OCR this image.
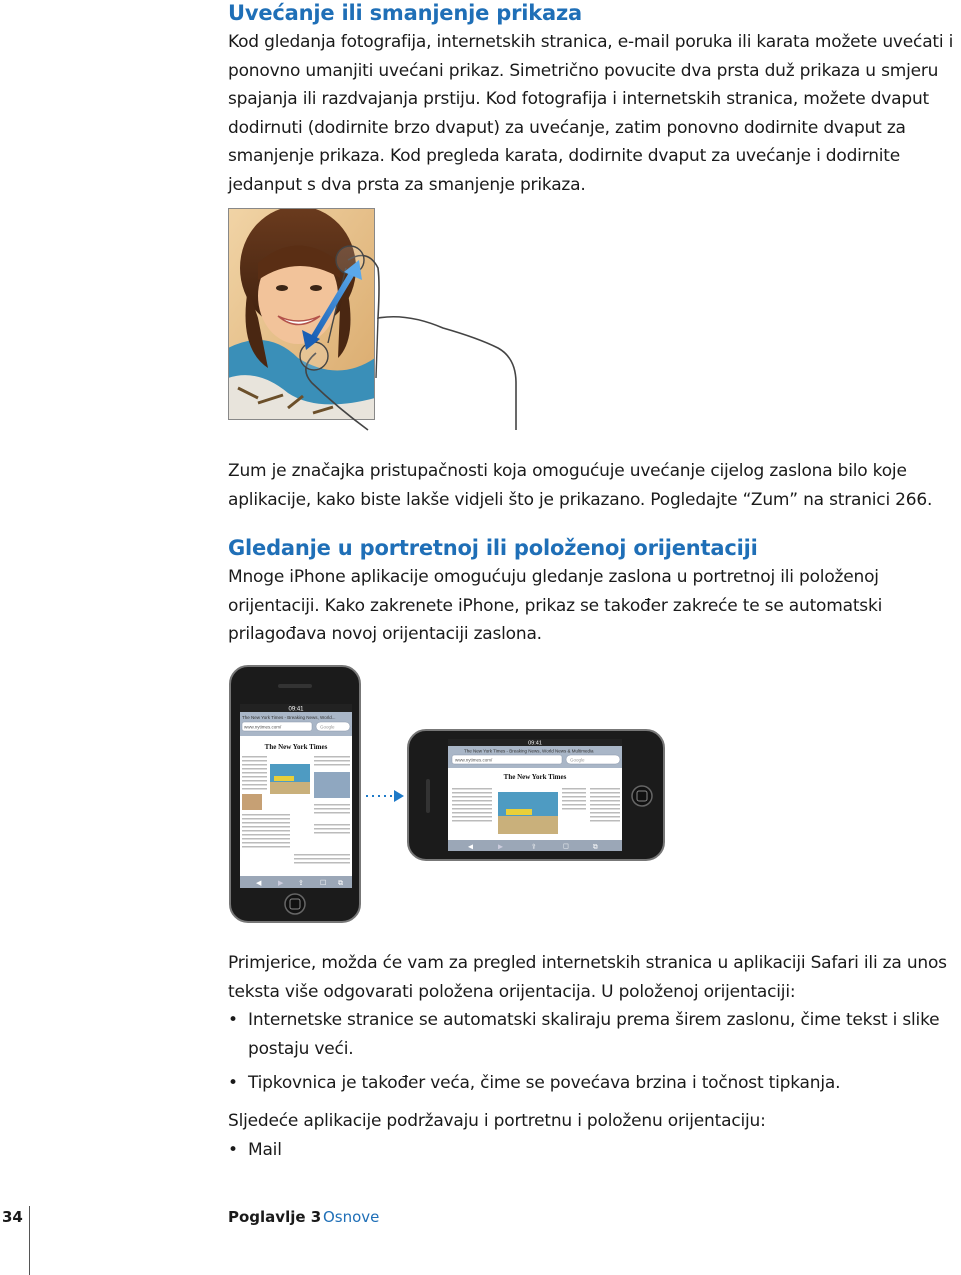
Uvećanje ili smanjenje prikaza

Kod gledanja fotografija, internetskih stranica, e-mail poruka ili karata možete uvećati i ponovno umanjiti uvećani prikaz. Simetrično povucite dva prsta duž prikaza u smjeru spajanja ili razdvajanja prstiju. Kod fotografija i internetskih stranica, možete dvaput dodirnuti (dodirnite brzo dvaput) za uvećanje, zatim ponovno dodirnite dvaput za smanjenje prikaza. Kod pregleda karata, dodirnite dvaput za uvećanje i dodirnite jedanput s dva prsta za smanjenje prikaza.

Zum je značajka pristupačnosti koja omogućuje uvećanje cijelog zaslona bilo koje aplikacije, kako biste lakše vidjeli što je prikazano. Pogledajte “Zum” na stranici 266.

Gledanje u portretnoj ili položenoj orijentaciji

Mnoge iPhone aplikacije omogućuju gledanje zaslona u portretnoj ili položenoj orijentaciji. Kako zakrenete iPhone, prikaz se također zakreće te se automatski prilagođava novoj orijentaciji zaslona.

09:41
The New York Times - Breaking News, World...
www.nytimes.com/	Google
The New York Times
◀ ▶ ⇪ ☐ ⧉
09:41
The New York Times - Breaking News, World News & Multimedia
www.nytimes.com/	Google
The New York Times
◀	▶	⇪	☐	⧉

Primjerice, možda će vam za pregled internetskih stranica u aplikaciji Safari ili za unos teksta više odgovarati položena orijentacija. U položenoj orijentaciji:

• Internetske stranice se automatski skaliraju prema širem zaslonu, čime tekst i slike postaju veći.
• Tipkovnica je također veća, čime se povećava brzina i točnost tipkanja.

Sljedeće aplikacije podržavaju i portretnu i položenu orijentaciju:

• Mail
34	Poglavlje 3 Osnove
